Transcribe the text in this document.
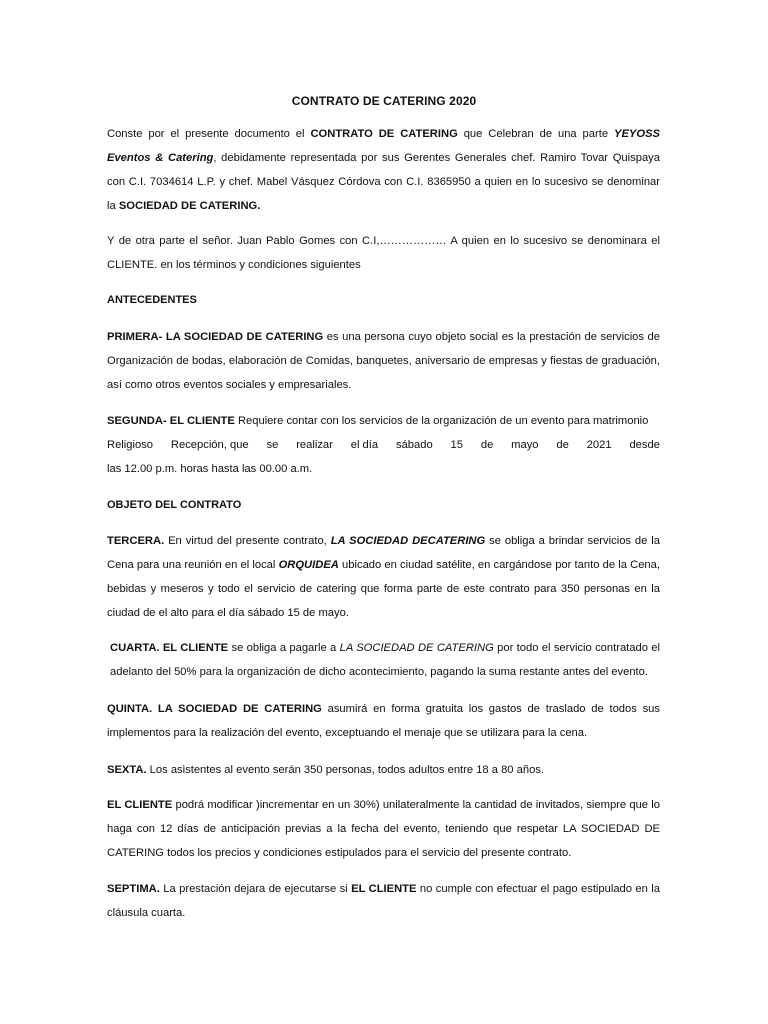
CONTRATO DE CATERING 2020
Conste por el presente documento el CONTRATO DE CATERING que Celebran de una parte YEYOSS Eventos & Catering, debidamente representada por sus Gerentes Generales chef. Ramiro Tovar Quispaya con C.I. 7034614 L.P. y chef. Mabel Vásquez Córdova con C.I. 8365950 a quien en lo sucesivo se denominar la SOCIEDAD DE CATERING.
Y de otra parte el señor. Juan Pablo Gomes con C.I,……………… A quien en lo sucesivo se denominara el CLIENTE. en los términos y condiciones siguientes
ANTECEDENTES
PRIMERA- LA SOCIEDAD DE CATERING es una persona cuyo objeto social es la prestación de servicios de Organización de bodas, elaboración de Comidas, banquetes, aniversario de empresas y fiestas de graduación, así como otros eventos sociales y empresariales.
SEGUNDA- EL CLIENTE Requiere contar con los servicios de la organización de un evento para matrimonio
Religioso Recepción, que se realizar el día sábado 15 de mayo de 2021 desde
las 12.00 p.m. horas hasta las 00.00 a.m.
OBJETO DEL CONTRATO
TERCERA. En virtud del presente contrato, LA SOCIEDAD DECATERING se obliga a brindar servicios de la Cena para una reunión en el local ORQUIDEA ubicado en ciudad satélite, en cargándose por tanto de la Cena, bebidas y meseros y todo el servicio de catering que forma parte de este contrato para 350 personas en la ciudad de el alto para el día sábado 15 de mayo.
CUARTA. EL CLIENTE se obliga a pagarle a LA SOCIEDAD DE CATERING por todo el servicio contratado el adelanto del 50% para la organización de dicho acontecimiento, pagando la suma restante antes del evento.
QUINTA. LA SOCIEDAD DE CATERING asumirá en forma gratuita los gastos de traslado de todos sus implementos para la realización del evento, exceptuando el menaje que se utilizara para la cena.
SEXTA. Los asistentes al evento serán 350 personas, todos adultos entre 18 a 80 años.
EL CLIENTE podrá modificar )incrementar en un 30%) unilateralmente la cantidad de invitados, siempre que lo haga con 12 días de anticipación previas a la fecha del evento, teniendo que respetar LA SOCIEDAD DE CATERING todos los precios y condiciones estipulados para el servicio del presente contrato.
SEPTIMA. La prestación dejara de ejecutarse si EL CLIENTE no cumple con efectuar el pago estipulado en la cláusula cuarta.
